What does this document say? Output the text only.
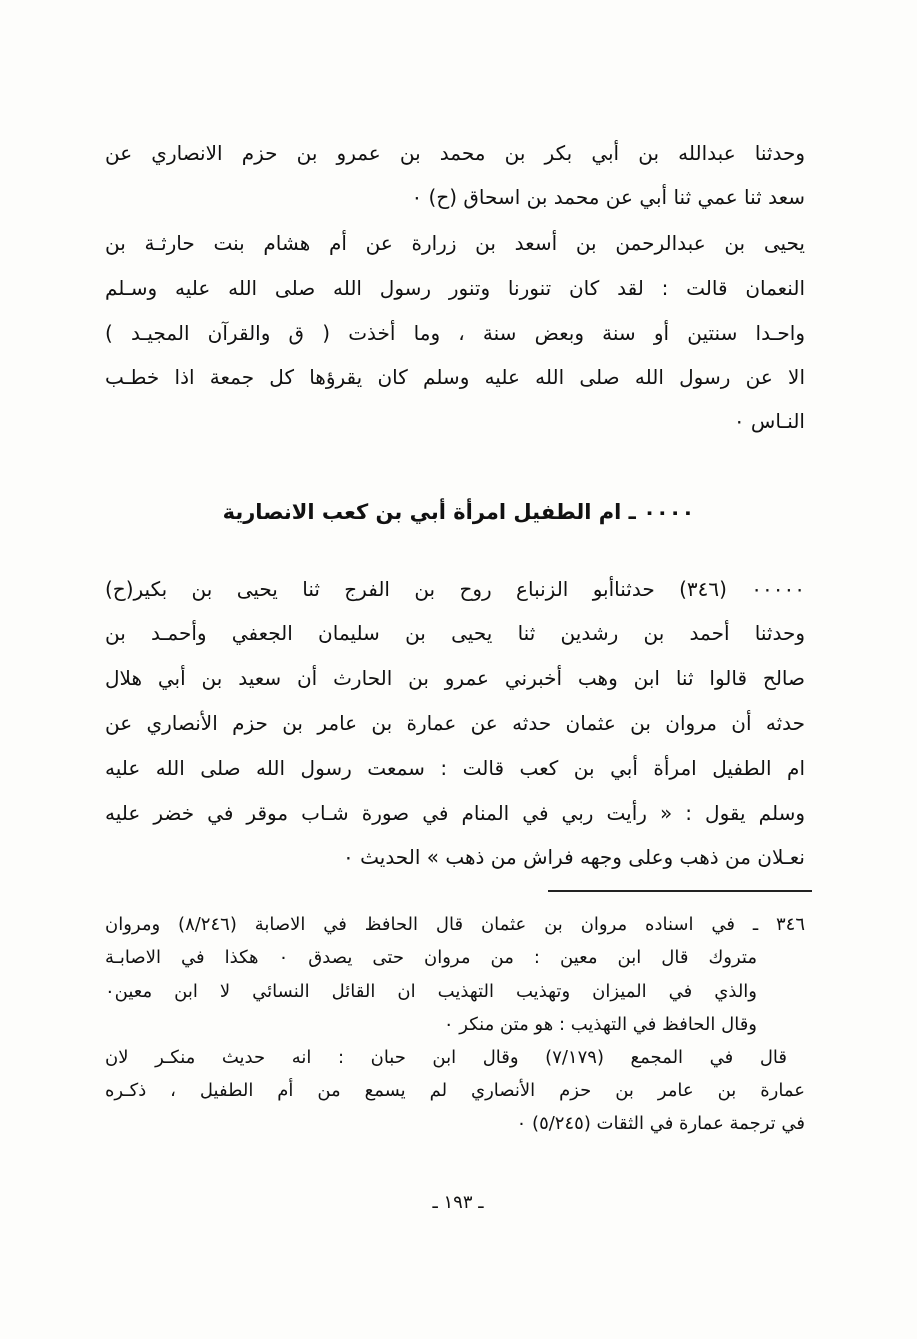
وحدثنا عبدالله بن أبي بكر بن محمد بن عمرو بن حزم الانصاري عن
سعد ثنا عمي ثنا أبي عن محمد بن اسحاق (ح) ٠
يحيى بن عبدالرحمن بن أسعد بن زرارة عن أم هشام بنت حارثـة بن
النعمان قالت : لقد كان تنورنا وتنور رسول الله صلى الله عليه وسـلم
واحـدا سنتين أو سنة وبعض سنة ، وما أخذت ( ق والقرآن المجيـد )
الا عن رسول الله صلى الله عليه وسلم كان يقرؤها كل جمعة اذا خطـب
النـاس ٠
٠٠٠٠ ـ ام الطفيل امرأة أبي بن كعب الانصارية
٠٠٠٠٠ (٣٤٦) حدثناأبو الزنباع روح بن الفرج ثنا يحيى بن بكير(ح)
وحدثنا أحمد بن رشدين ثنا يحيى بن سليمان الجعفي وأحمـد بن
صالح قالوا ثنا ابن وهب أخبرني عمرو بن الحارث أن سعيد بن أبي هلال
حدثه أن مروان بن عثمان حدثه عن عمارة بن عامر بن حزم الأنصاري عن
ام الطفيل امرأة أبي بن كعب قالت : سمعت رسول الله صلى الله عليه
وسلم يقول : « رأيت ربي في المنام في صورة شـاب موقر في خضر عليه
نعـلان من ذهب وعلى وجهه فراش من ذهب » الحديث ٠
٣٤٦ ـ في اسناده مروان بن عثمان قال الحافظ في الاصابة (٨/٢٤٦) ومروان
متروك قال ابن معين : من مروان حتى يصدق ٠ هكذا في الاصابـة
والذي في الميزان وتهذيب التهذيب ان القائل النسائي لا ابن معين٠
وقال الحافظ في التهذيب : هو متن منكر ٠
قال في المجمع (٧/١٧٩) وقال ابن حبان : انه حديث منكـر لان
عمارة بن عامر بن حزم الأنصاري لم يسمع من أم الطفيل ، ذكـره
في ترجمة عمارة في الثقات (٥/٢٤٥) ٠
ـ ١٩٣ ـ
